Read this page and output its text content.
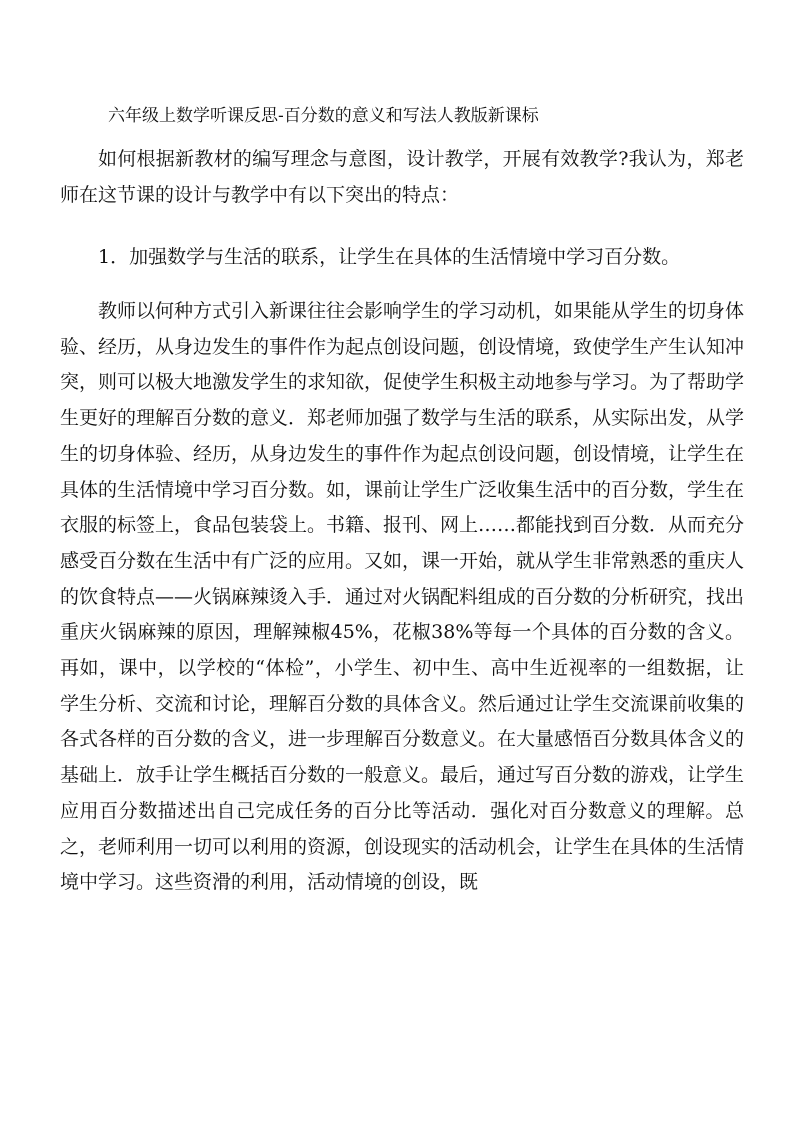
六年级上数学听课反思-百分数的意义和写法人教版新课标

如何根据新教材的编写理念与意图，设计教学，开展有效教学?我认为，郑老师在这节课的设计与教学中有以下突出的特点：

1．加强数学与生活的联系，让学生在具体的生活情境中学习百分数。

教师以何种方式引入新课往往会影响学生的学习动机，如果能从学生的切身体验、经历，从身边发生的事件作为起点创设问题，创设情境，致使学生产生认知冲突，则可以极大地激发学生的求知欲，促使学生积极主动地参与学习。为了帮助学生更好的理解百分数的意义．郑老师加强了数学与生活的联系，从实际出发，从学生的切身体验、经历，从身边发生的事件作为起点创设问题，创设情境，让学生在具体的生活情境中学习百分数。如，课前让学生广泛收集生活中的百分数，学生在衣服的标签上，食品包装袋上。书籍、报刊、网上……都能找到百分数．从而充分感受百分数在生活中有广泛的应用。又如，课一开始，就从学生非常熟悉的重庆人的饮食特点——火锅麻辣烫入手．通过对火锅配料组成的百分数的分析研究，找出重庆火锅麻辣的原因，理解辣椒45%，花椒38%等每一个具体的百分数的含义。再如，课中，以学校的“体检”，小学生、初中生、高中生近视率的一组数据，让学生分析、交流和讨论，理解百分数的具体含义。然后通过让学生交流课前收集的各式各样的百分数的含义，进一步理解百分数意义。在大量感悟百分数具体含义的基础上．放手让学生概括百分数的一般意义。最后，通过写百分数的游戏，让学生应用百分数描述出自己完成任务的百分比等活动．强化对百分数意义的理解。总之，老师利用一切可以利用的资源，创设现实的活动机会，让学生在具体的生活情境中学习。这些资滑的利用，活动情境的创设，既
